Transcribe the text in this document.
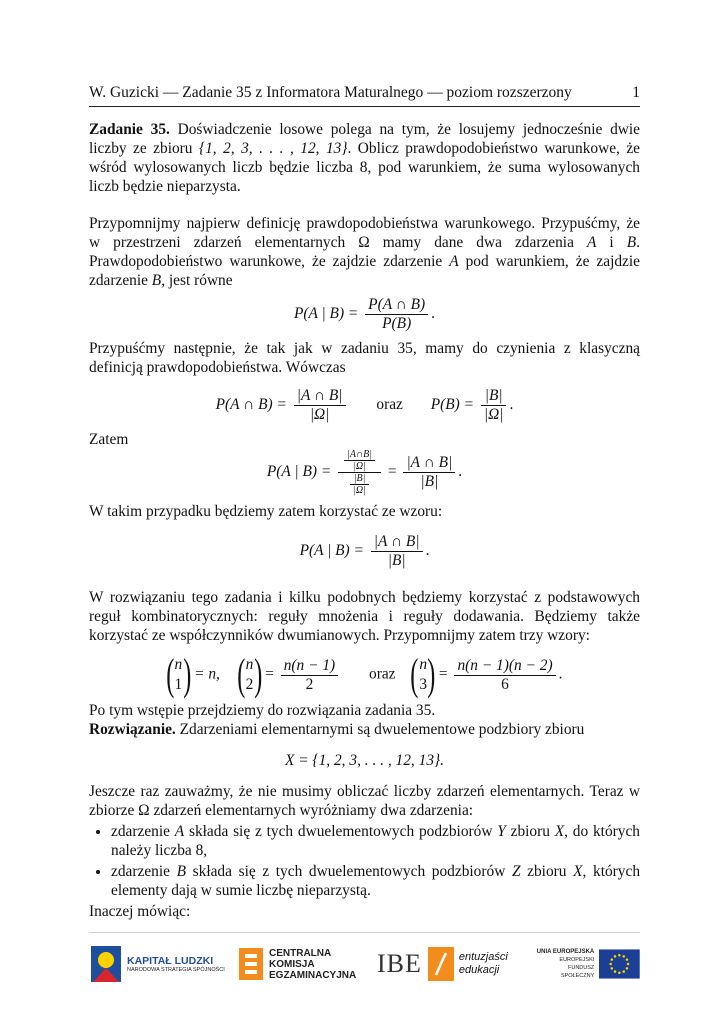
W. Guzicki — Zadanie 35 z Informatora Maturalnego — poziom rozszerzony	1

Zadanie 35. Doświadczenie losowe polega na tym, że losujemy jednocześnie dwie liczby ze zbioru {1, 2, 3, . . . , 12, 13}. Oblicz prawdopodobieństwo warunkowe, że wśród wylosowanych liczb będzie liczba 8, pod warunkiem, że suma wylosowanych liczb będzie nieparzysta.

Przypomnijmy najpierw definicję prawdopodobieństwa warunkowego. Przypuśćmy, że w przestrzeni zdarzeń elementarnych Ω mamy dane dwa zdarzenia A i B. Prawdopodobieństwo warunkowe, że zajdzie zdarzenie A pod warunkiem, że zajdzie zdarzenie B, jest równe

P(A | $B) = \frac{P(A \cap B)}{P(B)}$ .

Przypuśćmy następnie, że tak jak w zadaniu 35, mamy do czynienia z klasyczną definicją prawdopodobieństwa. Wówczas

P(A ∩ $B) = \frac{|A \cap B|}{|\Omega|}$ oraz $P(B) = \frac{|B|}{|\Omega|}$ .

Zatem

P(A | $B) = \frac{\frac{|A\cap B|}{|\Omega|}}{\frac{|B|}{|\Omega|}} = \frac{|A \cap B|}{|B|}$ .

W takim przypadku będziemy zatem korzystać ze wzoru:

P(A | $B) = \frac{|A \cap B|}{|B|}$ .

W rozwiązaniu tego zadania i kilku podobnych będziemy korzystać z podstawowych reguł kombinatorycznych: reguły mnożenia i reguły dodawania. Będziemy także korzystać ze współczynników dwumianowych. Przypomnijmy zatem trzy wzory:

( n
1 ) = n, ( n
2 ) = $\frac{n(n - 1)}{2}$ oraz ( n
3 ) = $\frac{n(n - 1)(n - 2)}{6}$ .

Po tym wstępie przejdziemy do rozwiązania zadania 35.

Rozwiązanie. Zdarzeniami elementarnymi są dwuelementowe podzbiory zbioru

X = {1, 2, 3, . . . , 12, 13}.

Jeszcze raz zauważmy, że nie musimy obliczać liczby zdarzeń elementarnych. Teraz w zbiorze Ω zdarzeń elementarnych wyróżniamy dwa zdarzenia:

• zdarzenie A składa się z tych dwuelementowych podzbiorów Y zbioru X, do których należy liczba 8,
• zdarzenie B składa się z tych dwuelementowych podzbiorów Z zbioru X, których elementy dają w sumie liczbę nieparzystą.

Inaczej mówiąc:

KAPITAŁ LUDZKI
NARODOWA STRATEGIA SPÓJNOŚCI
CENTRALNA
KOMISJA
EGZAMINACYJNA IBE	entuzjaści
edukacji
UNIA EUROPEJSKA
EUROPEJSKI
FUNDUSZ SPOŁECZNY
